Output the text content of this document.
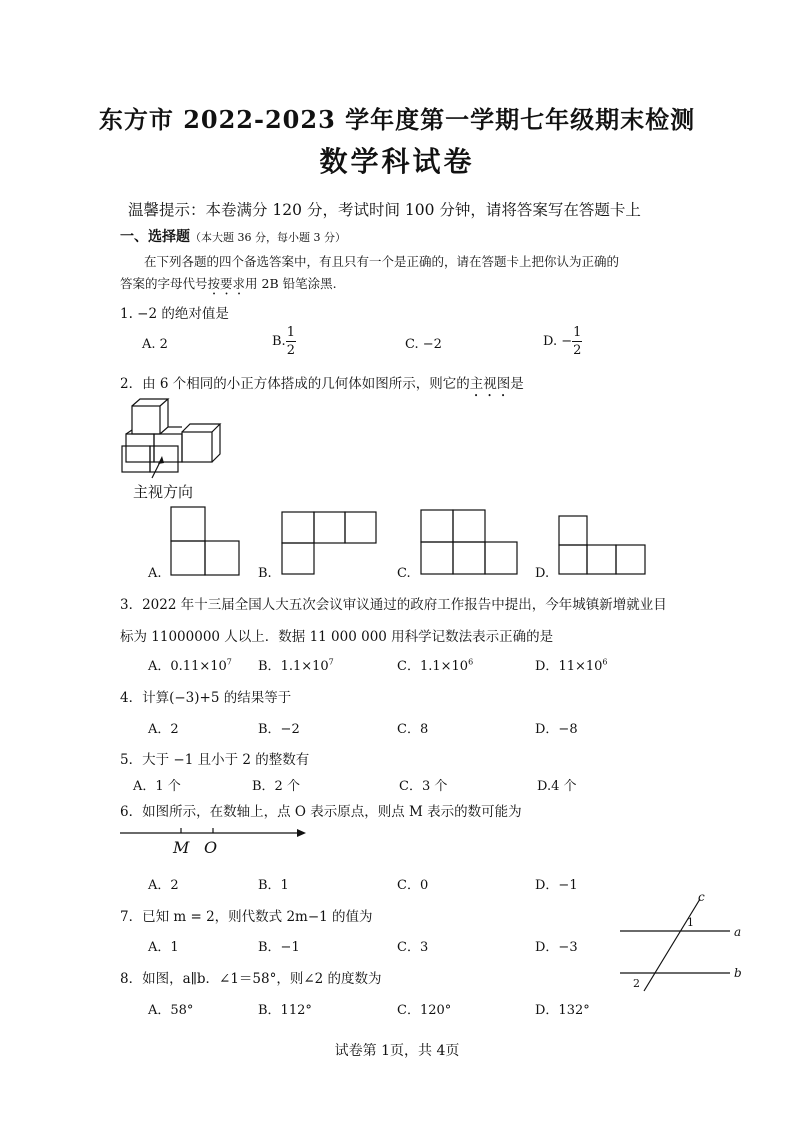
东方市 2022-2023 学年度第一学期七年级期末检测
数学科试卷
温馨提示：本卷满分 120 分，考试时间 100 分钟，请将答案写在答题卡上
一、选择题（本大题 36 分，每小题 3 分）
在下列各题的四个备选答案中，有且只有一个是正确的，请在答题卡上把你认为正确的
答案的字母代号按要求用 2B 铅笔涂黑.
1. −2 的绝对值是
A. 2	B. $\frac{1}{2}$	C. −2	D. − $\frac{1}{2}$
2．由 6 个相同的小正方体搭成的几何体如图所示，则它的主视图是
主视方向
A.	B.	C.	D.
3．2022 年十三届全国人大五次会议审议通过的政府工作报告中提出，今年城镇新增就业目
标为 11000000 人以上．数据 11 000 000 用科学记数法表示正确的是
A．$0.11\times 10^7$ B．$1.1\times 10^7$	C．$1.1\times 10^6$	D．$11\times 10^6$
4．计算(−3)+5 的结果等于
A．2	B．−2	C．8	D．−8
5．大于 −1 且小于 2 的整数有
A．1 个	B．2 个	C．3 个	D.4 个
6．如图所示，在数轴上，点 O 表示原点，则点 M 表示的数可能为
M O
A．2	B．1	C．0	D．−1
7．已知 m = 2，则代数式 2m−1 的值为
A．1	B．−1	C．3	D．−3
8．如图，a∥b．∠1＝58°，则∠2 的度数为
A．58°	B．112°	C．120°	D．132°
c
a
b
1
2
试卷第 1页，共 4页
